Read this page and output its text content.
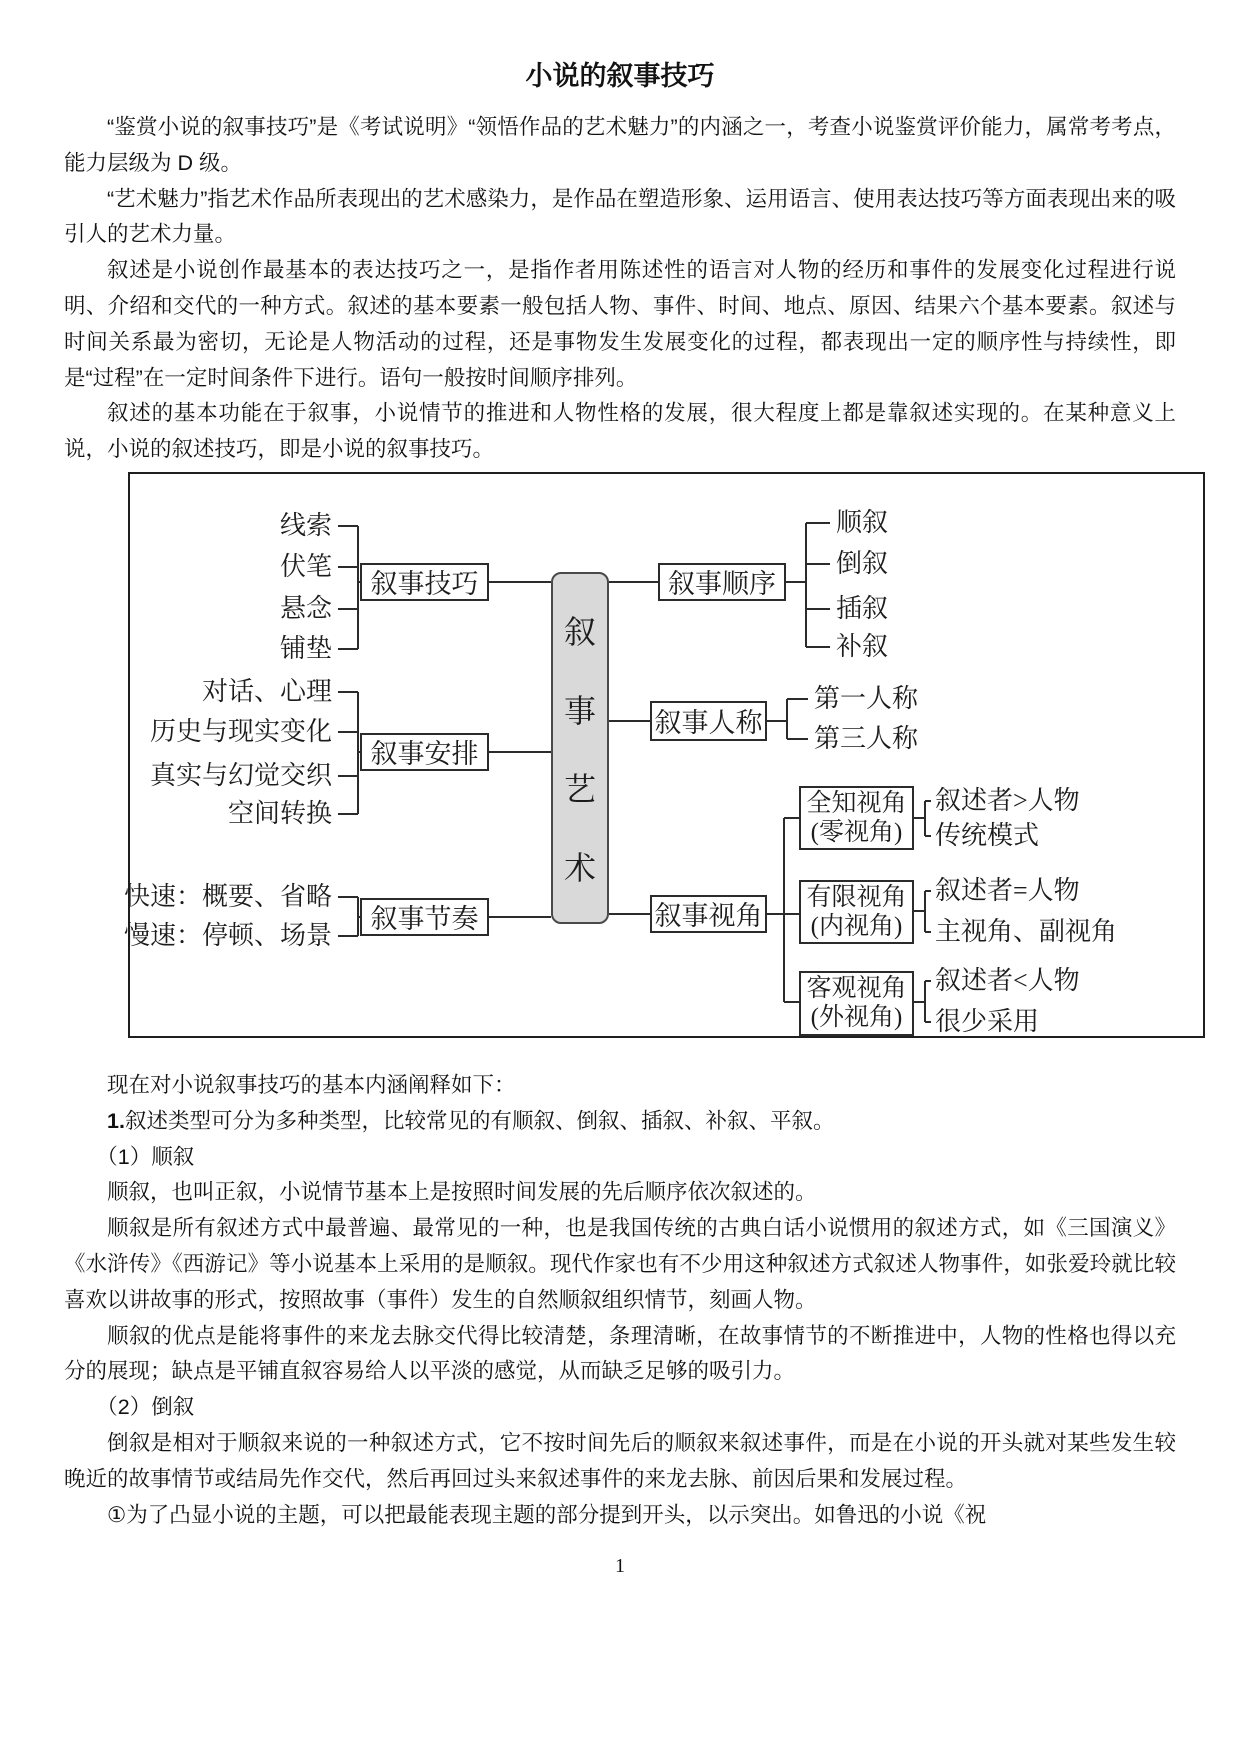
小说的叙事技巧

“鉴赏小说的叙事技巧”是《考试说明》“领悟作品的艺术魅力”的内涵之一，考查小说鉴赏评价能力，属常考考点，能力层级为 D 级。

“艺术魅力”指艺术作品所表现出的艺术感染力，是作品在塑造形象、运用语言、使用表达技巧等方面表现出来的吸引人的艺术力量。

叙述是小说创作最基本的表达技巧之一，是指作者用陈述性的语言对人物的经历和事件的发展变化过程进行说明、介绍和交代的一种方式。叙述的基本要素一般包括人物、事件、时间、地点、原因、结果六个基本要素。叙述与时间关系最为密切，无论是人物活动的过程，还是事物发生发展变化的过程，都表现出一定的顺序性与持续性，即是“过程”在一定时间条件下进行。语句一般按时间顺序排列。

叙述的基本功能在于叙事，小说情节的推进和人物性格的发展，很大程度上都是靠叙述实现的。在某种意义上说，小说的叙述技巧，即是小说的叙事技巧。

线索
伏笔
悬念
铺垫
对话、心理
历史与现实变化
真实与幻觉交织
空间转换
快速：概要、省略
慢速：停顿、场景
叙事技巧
叙事安排
叙事节奏
叙
事
艺
术
叙事顺序
叙事人称
叙事视角
顺叙
倒叙
插叙
补叙
第一人称
第三人称
全知视角
(零视角)
有限视角
(内视角)
客观视角
(外视角)
叙述者>人物
传统模式
叙述者=人物
主视角、副视角
叙述者<人物
很少采用

现在对小说叙事技巧的基本内涵阐释如下：

1.叙述类型可分为多种类型，比较常见的有顺叙、倒叙、插叙、补叙、平叙。

（1）顺叙

顺叙，也叫正叙，小说情节基本上是按照时间发展的先后顺序依次叙述的。

顺叙是所有叙述方式中最普遍、最常见的一种，也是我国传统的古典白话小说惯用的叙述方式，如《三国演义》《水浒传》《西游记》等小说基本上采用的是顺叙。现代作家也有不少用这种叙述方式叙述人物事件，如张爱玲就比较喜欢以讲故事的形式，按照故事（事件）发生的自然顺叙组织情节，刻画人物。

顺叙的优点是能将事件的来龙去脉交代得比较清楚，条理清晰，在故事情节的不断推进中，人物的性格也得以充分的展现；缺点是平铺直叙容易给人以平淡的感觉，从而缺乏足够的吸引力。

（2）倒叙

倒叙是相对于顺叙来说的一种叙述方式，它不按时间先后的顺叙来叙述事件，而是在小说的开头就对某些发生较晚近的故事情节或结局先作交代，然后再回过头来叙述事件的来龙去脉、前因后果和发展过程。

①为了凸显小说的主题，可以把最能表现主题的部分提到开头，以示突出。如鲁迅的小说《祝

1
